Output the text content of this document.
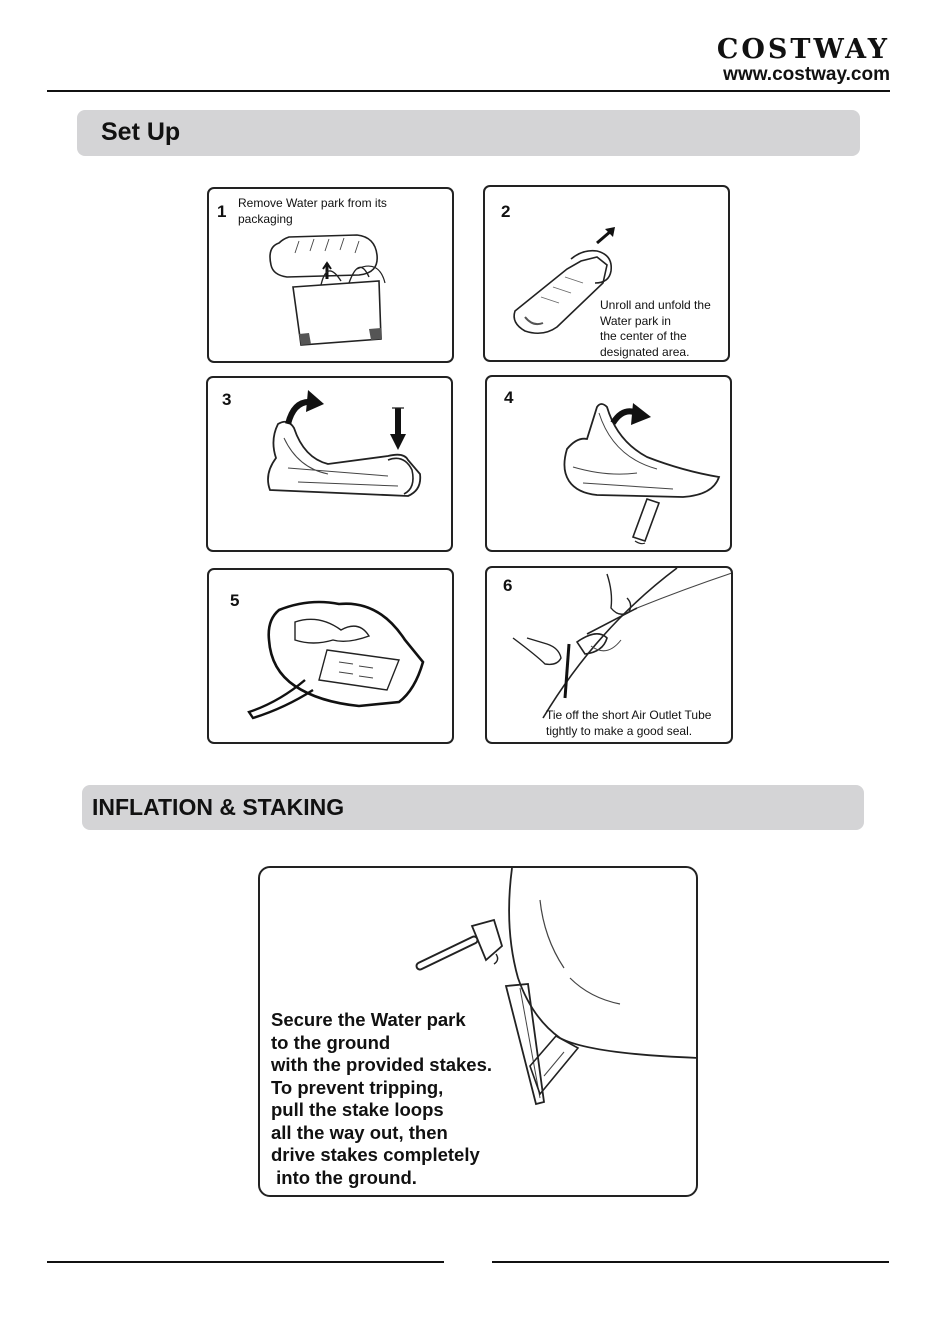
COSTWAY
www.costway.com
Set Up
1 Remove Water park from its
packaging	2
Unroll and unfold the
Water park in
the center of the
designated area.
3	4
5
6
Tie off the short Air Outlet Tube
tightly to make a good seal.
INFLATION & STAKING
Secure the Water park
to the ground
with the provided stakes.
To prevent tripping,
pull the stake loops
all the way out, then
drive stakes completely
into the ground.
